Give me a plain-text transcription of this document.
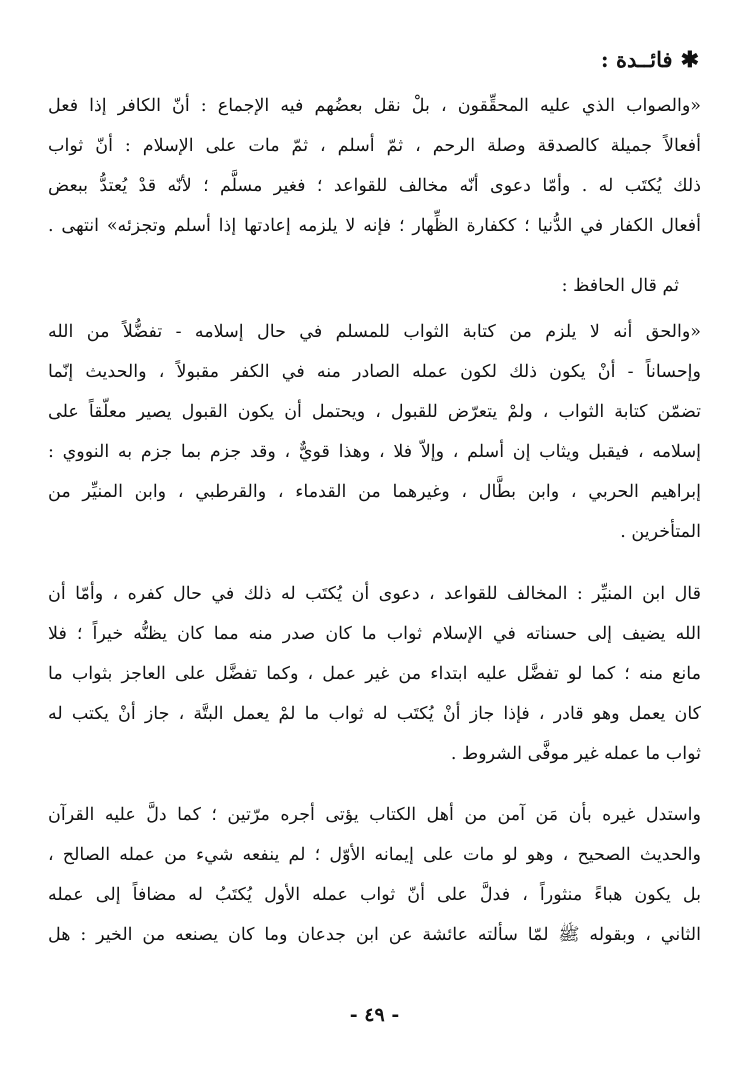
✱فائــدة :
«والصواب الذي عليه المحقِّقون ، بلْ نقل بعضُهم فيه الإجماع : أنّ الكافر إذا فعل
أفعالاً جميلة كالصدقة وصلة الرحم ، ثمّ أسلم ، ثمّ مات على الإسلام : أنّ ثواب
ذلك يُكتَب له . وأمّا دعوى أنّه مخالف للقواعد ؛ فغير مسلَّم ؛ لأنّه قدْ يُعتدُّ ببعض
أفعال الكفار في الدُّنيا ؛ ككفارة الظِّهار ؛ فإنه لا يلزمه إعادتها إذا أسلم وتجزئه» انتهى .
ثم قال الحافظ :
«والحق أنه لا يلزم من كتابة الثواب للمسلم في حال إسلامه - تفضُّلاً من الله
وإحساناً - أنْ يكون ذلك لكون عمله الصادر منه في الكفر مقبولاً ، والحديث إنّما
تضمّن كتابة الثواب ، ولمْ يتعرّض للقبول ، ويحتمل أن يكون القبول يصير معلّقاً على
إسلامه ، فيقبل ويثاب إن أسلم ، وإلاّ فلا ، وهذا قويٌّ ، وقد جزم بما جزم به النووي :
إبراهيم الحربي ، وابن بطَّال ، وغيرهما من القدماء ، والقرطبي ، وابن المنيِّر من
المتأخرين .
قال ابن المنيِّر : المخالف للقواعد ، دعوى أن يُكتَب له ذلك في حال كفره ، وأمّا أن
الله يضيف إلى حسناته في الإسلام ثواب ما كان صدر منه مما كان يظنُّه خيراً ؛ فلا
مانع منه ؛ كما لو تفضَّل عليه ابتداء من غير عمل ، وكما تفضَّل على العاجز بثواب ما
كان يعمل وهو قادر ، فإذا جاز أنْ يُكتَب له ثواب ما لمْ يعمل البتَّة ، جاز أنْ يكتب له
ثواب ما عمله غير موفَّى الشروط .
واستدل غيره بأن مَن آمن من أهل الكتاب يؤتى أجره مرّتين ؛ كما دلَّ عليه القرآن
والحديث الصحيح ، وهو لو مات على إيمانه الأوّل ؛ لم ينفعه شيء من عمله الصالح ،
بل يكون هباءً منثوراً ، فدلَّ على أنّ ثواب عمله الأول يُكتَبُ له مضافاً إلى عمله
الثاني ، وبقوله ﷺ لمّا سألته عائشة عن ابن جدعان وما كان يصنعه من الخير : هل
- ٤٩ -
